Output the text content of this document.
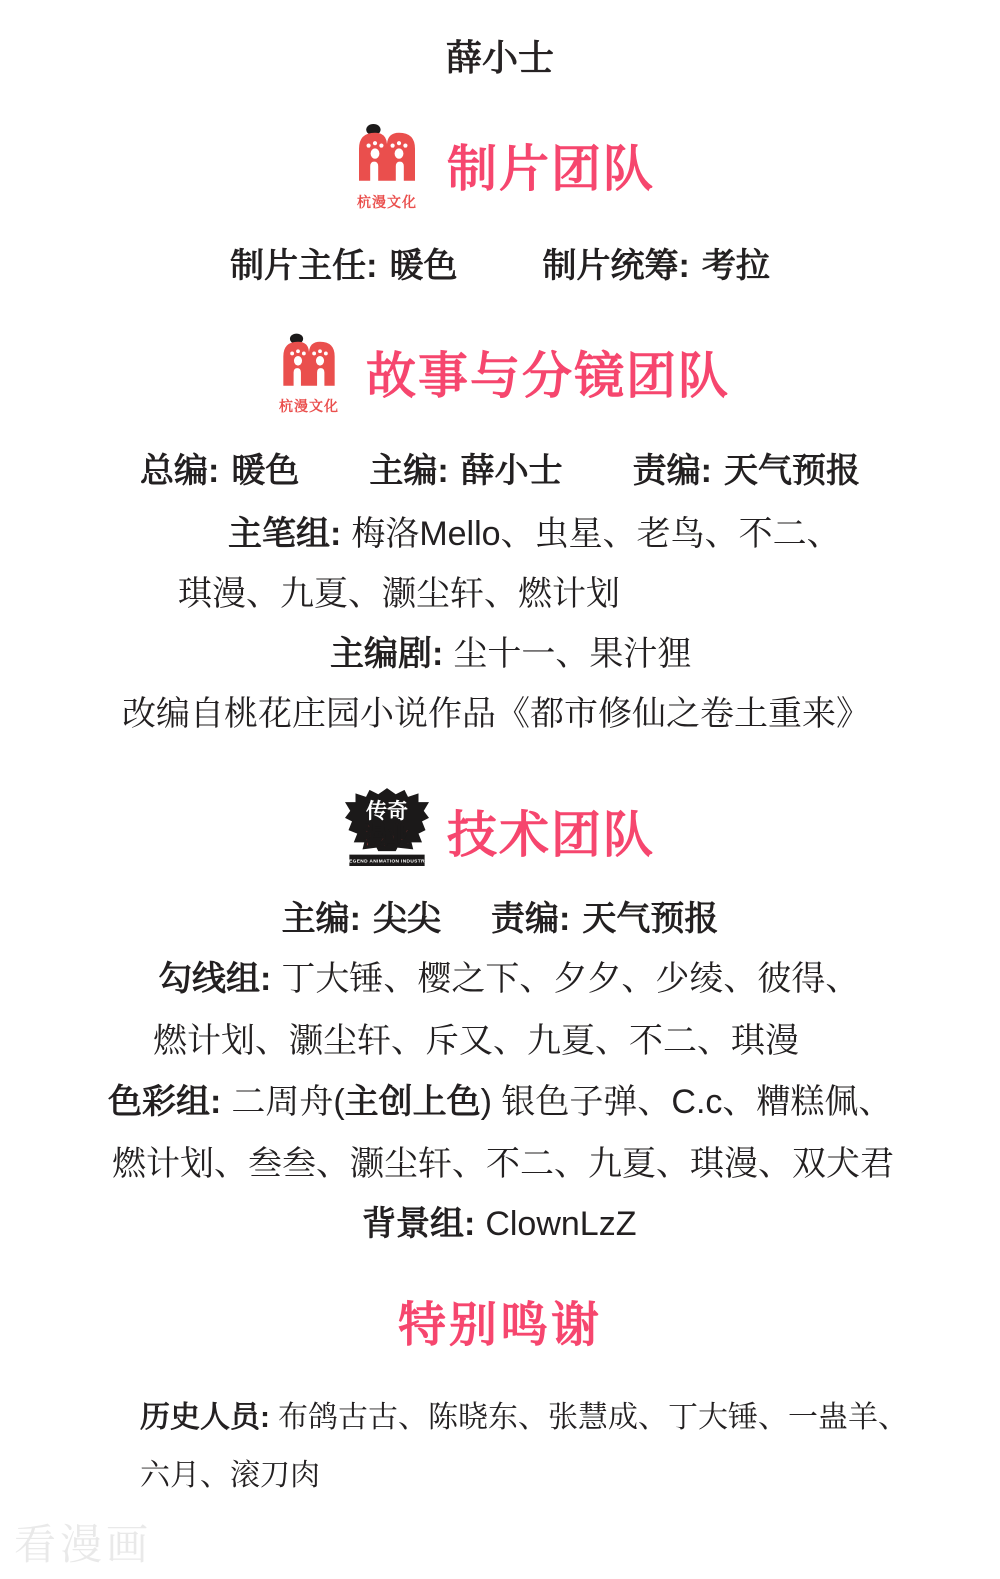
薛小士
杭漫文化
制片团队
制片主任: 暖色	制片统筹: 考拉
杭漫文化
故事与分镜团队
总编: 暖色 主编: 薛小士 责编: 天气预报
主笔组: 梅洛Mello、虫星、老鸟、不二、
琪漫、九夏、灏尘轩、燃计划
主编剧: 尘十一、果汁狸
改编自桃花庄园小说作品《都市修仙之卷土重来》
传奇
漫业
LEGEND ANIMATION INDUSTRY 技术团队
主编: 尖尖 责编: 天气预报
勾线组: 丁大锤、樱之下、夕夕、少绫、彼得、
燃计划、灏尘轩、斥又、九夏、不二、琪漫
色彩组: 二周舟(主创上色) 银色子弹、C.c、糟糕佩、
燃计划、叁叁、灏尘轩、不二、九夏、琪漫、双犬君
背景组: ClownLzZ
特别鸣谢
历史人员: 布鸽古古、陈晓东、张慧成、丁大锤、一蛊羊、
六月、滚刀肉
看漫画
